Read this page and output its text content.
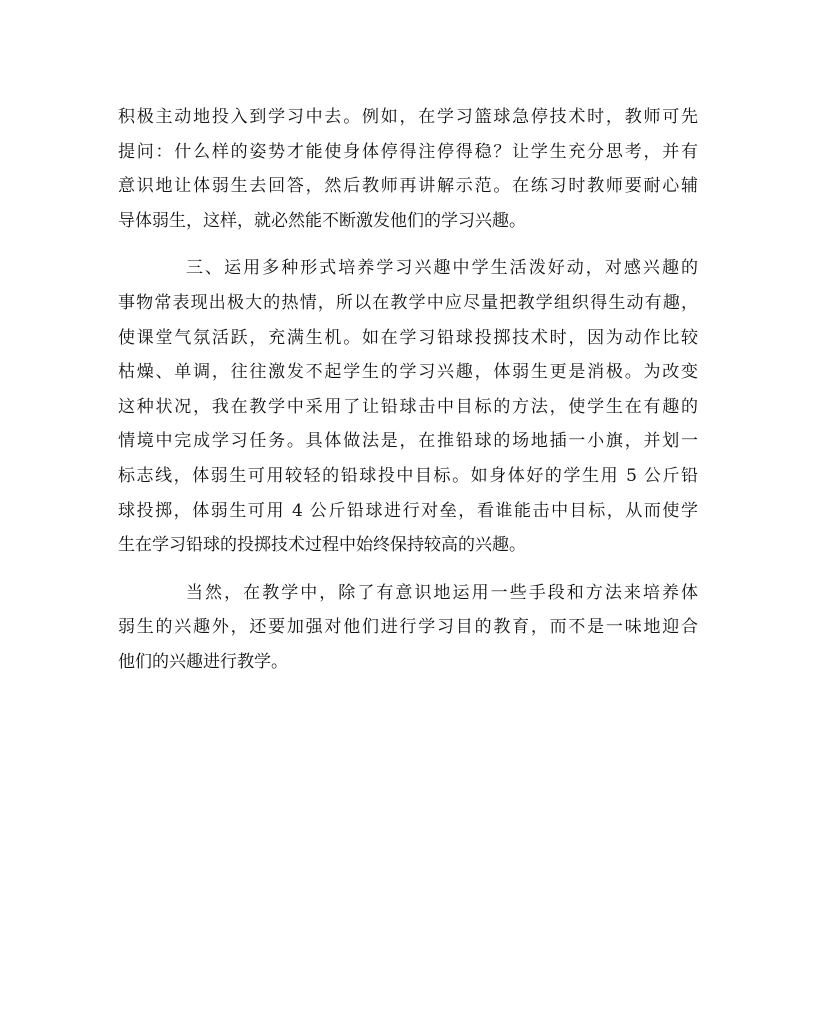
积极主动地投入到学习中去。例如，在学习篮球急停技术时，教师可先
提问：什么样的姿势才能使身体停得注停得稳？让学生充分思考，并有
意识地让体弱生去回答，然后教师再讲解示范。在练习时教师要耐心辅
导体弱生，这样，就必然能不断激发他们的学习兴趣。
三、运用多种形式培养学习兴趣中学生活泼好动，对感兴趣的
事物常表现出极大的热情，所以在教学中应尽量把教学组织得生动有趣，
使课堂气氛活跃，充满生机。如在学习铅球投掷技术时，因为动作比较
枯燥、单调，往往激发不起学生的学习兴趣，体弱生更是消极。为改变
这种状况，我在教学中采用了让铅球击中目标的方法，使学生在有趣的
情境中完成学习任务。具体做法是，在推铅球的场地插一小旗，并划一
标志线，体弱生可用较轻的铅球投中目标。如身体好的学生用 5 公斤铅
球投掷，体弱生可用 4 公斤铅球进行对垒，看谁能击中目标，从而使学
生在学习铅球的投掷技术过程中始终保持较高的兴趣。
当然，在教学中，除了有意识地运用一些手段和方法来培养体
弱生的兴趣外，还要加强对他们进行学习目的教育，而不是一味地迎合
他们的兴趣进行教学。
